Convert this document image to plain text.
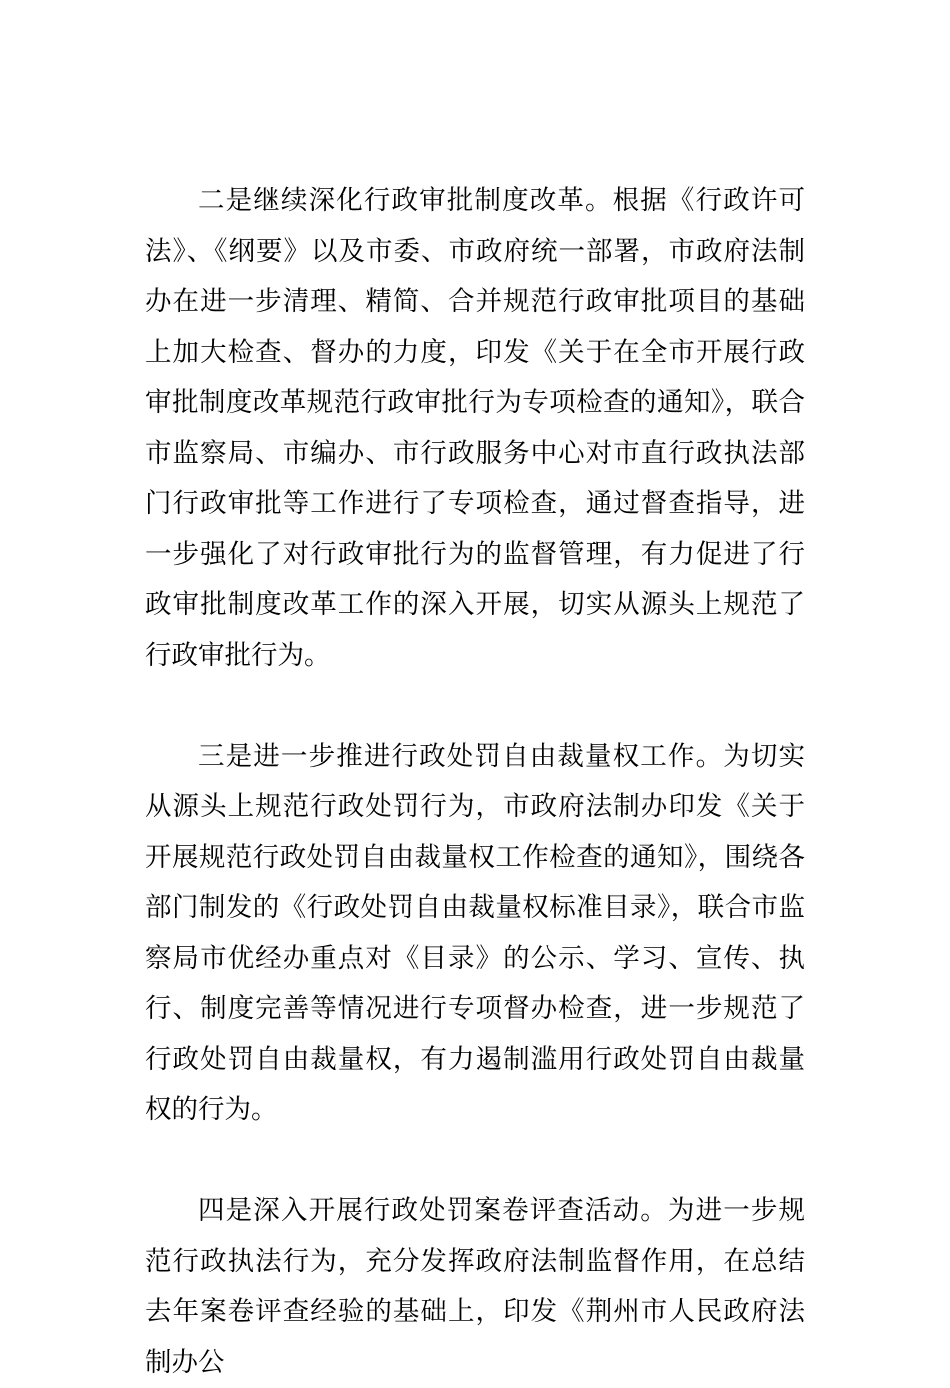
二是继续深化行政审批制度改革。根据《行政许可法》、《纲要》以及市委、市政府统一部署，市政府法制办在进一步清理、精简、合并规范行政审批项目的基础上加大检查、督办的力度，印发《关于在全市开展行政审批制度改革规范行政审批行为专项检查的通知》，联合市监察局、市编办、市行政服务中心对市直行政执法部门行政审批等工作进行了专项检查，通过督查指导，进一步强化了对行政审批行为的监督管理，有力促进了行政审批制度改革工作的深入开展，切实从源头上规范了行政审批行为。

三是进一步推进行政处罚自由裁量权工作。为切实从源头上规范行政处罚行为，市政府法制办印发《关于开展规范行政处罚自由裁量权工作检查的通知》，围绕各部门制发的《行政处罚自由裁量权标准目录》，联合市监察局市优经办重点对《目录》的公示、学习、宣传、执行、制度完善等情况进行专项督办检查，进一步规范了行政处罚自由裁量权，有力遏制滥用行政处罚自由裁量权的行为。

四是深入开展行政处罚案卷评查活动。为进一步规范行政执法行为，充分发挥政府法制监督作用，在总结去年案卷评查经验的基础上，印发《荆州市人民政府法制办公
